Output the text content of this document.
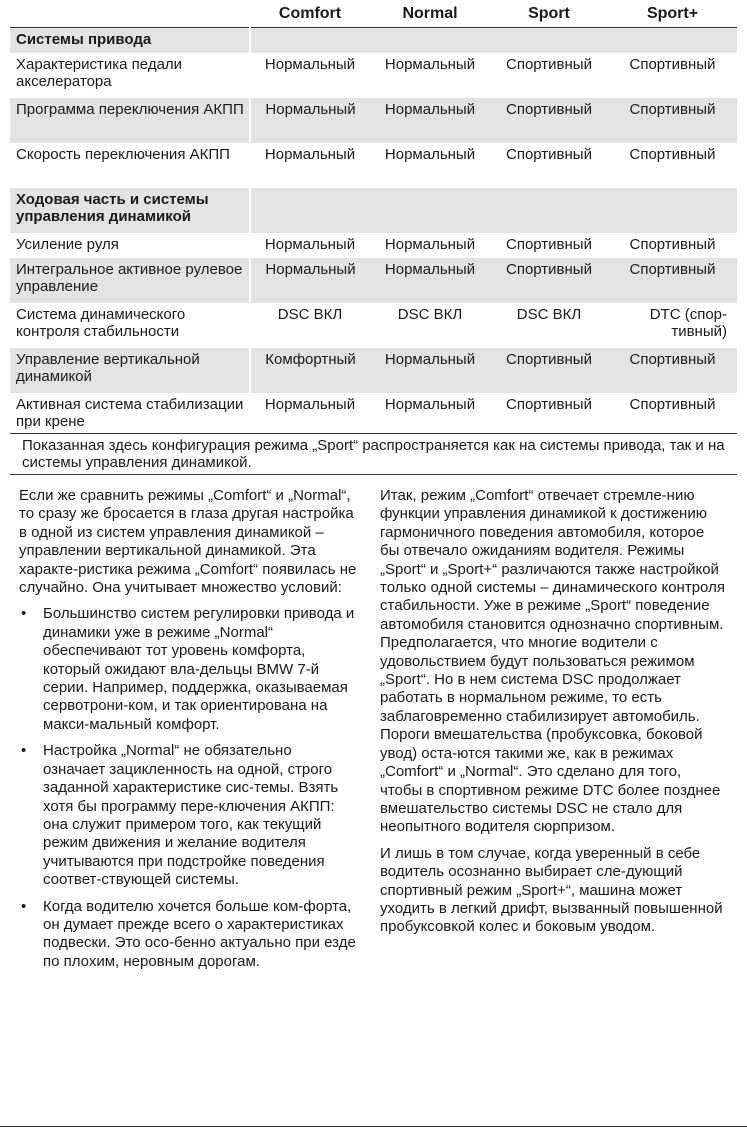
	Comfort	Normal	Sport	Sport+
Системы привода				
Характеристика педали акселератора	Нормальный	Нормальный	Спортивный	Спортивный
Программа переключения АКПП	Нормальный	Нормальный	Спортивный	Спортивный
Скорость переключения АКПП	Нормальный	Нормальный	Спортивный	Спортивный
Ходовая часть и системы управления динамикой				
Усиление руля	Нормальный	Нормальный	Спортивный	Спортивный
Интегральное активное рулевое управление	Нормальный	Нормальный	Спортивный	Спортивный
Система динамического контроля стабильности	DSC ВКЛ	DSC ВКЛ	DSC ВКЛ	DTC (спор-тивный)
Управление вертикальной динамикой	Комфортный	Нормальный	Спортивный	Спортивный
Активная система стабилизации при крене	Нормальный	Нормальный	Спортивный	Спортивный
Показанная здесь конфигурация режима „Sport“ распространяется как на системы привода, так и на системы управления динамикой.

Если же сравнить режимы „Comfort“ и „Normal“, то сразу же бросается в глаза другая настройка в одной из систем управления динамикой – управлении вертикальной динамикой. Эта характе-ристика режима „Comfort“ появилась не случайно. Она учитывает множество условий:

• Большинство систем регулировки привода и динамики уже в режиме „Normal“ обеспечивают тот уровень комфорта, который ожидают вла-дельцы BMW 7-й серии. Например, поддержка, оказываемая сервотрони-ком, и так ориентирована на макси-мальный комфорт.
• Настройка „Normal“ не обязательно означает зацикленность на одной, строго заданной характеристике сис-темы. Взять хотя бы программу пере-ключения АКПП: она служит примером того, как текущий режим движения и желание водителя учитываются при подстройке поведения соответ-ствующей системы.
• Когда водителю хочется больше ком-форта, он думает прежде всего о характеристиках подвески. Это осо-бенно актуально при езде по плохим, неровным дорогам.

Итак, режим „Comfort“ отвечает стремле-нию функции управления динамикой к достижению гармоничного поведения автомобиля, которое бы отвечало ожиданиям водителя. Режимы „Sport“ и „Sport+“ различаются также настройкой только одной системы – динамического контроля стабильности. Уже в режиме „Sport“ поведение автомобиля становится однозначно спортивным. Предполагается, что многие водители с удовольствием будут пользоваться режимом „Sport“. Но в нем система DSC продолжает работать в нормальном режиме, то есть заблаговременно стабилизирует автомобиль. Пороги вмешательства (пробуксовка, боковой увод) оста-ются такими же, как в режимах „Comfort“ и „Normal“. Это сделано для того, чтобы в спортивном режиме DTC более позднее вмешательство системы DSC не стало для неопытного водителя сюрпризом.

И лишь в том случае, когда уверенный в себе водитель осознанно выбирает сле-дующий спортивный режим „Sport+“, машина может уходить в легкий дрифт, вызванный повышенной пробуксовкой колес и боковым уводом.
